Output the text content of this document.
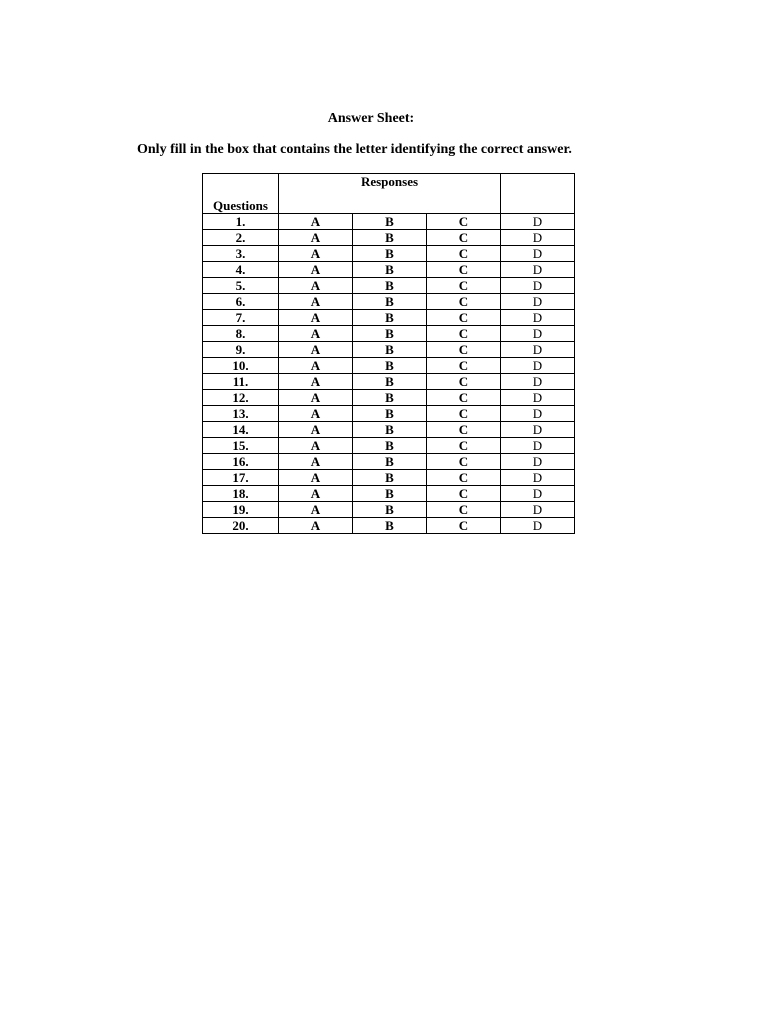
Answer Sheet:
Only fill in the box that contains the letter identifying the correct answer.
Questions	Responses			
1.	A	B	C	D
2.	A	B	C	D
3.	A	B	C	D
4.	A	B	C	D
5.	A	B	C	D
6.	A	B	C	D
7.	A	B	C	D
8.	A	B	C	D
9.	A	B	C	D
10.	A	B	C	D
11.	A	B	C	D
12.	A	B	C	D
13.	A	B	C	D
14.	A	B	C	D
15.	A	B	C	D
16.	A	B	C	D
17.	A	B	C	D
18.	A	B	C	D
19.	A	B	C	D
20.	A	B	C	D
